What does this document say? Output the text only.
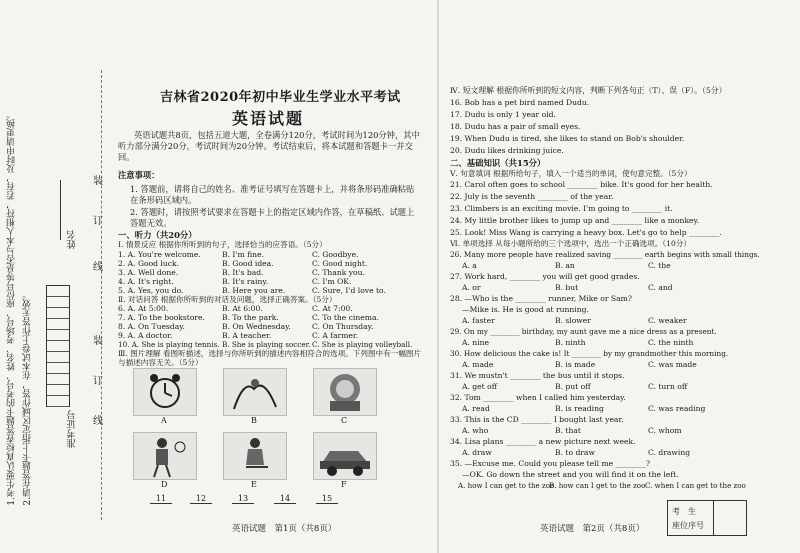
1.考生要认真检查答题卡的考号、姓名、考场号、座位号等是否与本人相符，若有，及时申请更换。 2.请在答题卡上指定区域作答，在本试卷上作答无效。	准考证号
姓名
装
订
线
装
订
线
吉林省2020年初中毕业生学业水平考试
英语试题
英语试题共8页，包括五道大题，全卷满分120分，考试时间为120分钟，其中听力部分满分20分，考试时间为20分钟。考试结束后，将本试题和答题卡一并交回。
注意事项：
1. 答题前，请将自己的姓名、准考证号填写在答题卡上，并将条形码准确粘贴在条形码区域内。
2. 答题时，请按照考试要求在答题卡上的指定区域内作答，在草稿纸、试题上答题无效。
一、听力（共20分）
Ⅰ. 情景反应 根据你所听到的句子，选择恰当的应答语。（5分）
1. A. You're welcome.	B. I'm fine.	C. Goodbye.
2. A. Good luck.	B. Good idea.	C. Good night.
3. A. Well done.	B. It's bad.	C. Thank you.
4. A. It's right.	B. It's rainy.	C. I'm OK.
5. A. Yes, you do.	B. Here you are.	C. Sure, I'd love to.
Ⅱ. 对话问答 根据你所听到的对话及问题，选择正确答案。（5分）
6. A. At 5:00.	B. At 6:00.	C. At 7:00.
7. A. To the bookstore. B. To the park.	C. To the cinema.
8. A. On Tuesday.	B. On Wednesday.	C. On Thursday.
9. A. A doctor.	B. A teacher.	C. A farmer.
10. A. She is playing tennis. B. She is playing soccer. C. She is playing volleyball.
Ⅲ. 图片理解 看图听描述，选择与你所听到的描述内容相符合的选项。下列图中有一幅图片与描述内容无关。（5分）
A	B	C
D	E	F
11	12	13	14	15
英语试题　第1页（共8页）
Ⅳ. 短文理解 根据你所听到的短文内容，判断下列各句正（T）、误（F）。（5分）
16. Bob has a pet bird named Dudu.
17. Dudu is only 1 year old.
18. Dudu has a pair of small eyes.
19. When Dudu is tired, she likes to stand on Bob's shoulder.
20. Dudu likes drinking juice.
二、基础知识（共15分）
Ⅴ. 句意填词 根据所给句子，填入一个适当的单词，使句意完整。（5分）
21. Carol often goes to school ________ bike. It's good for her health.
22. July is the seventh ________ of the year.
23. Climbers is an exciting movie. I'm going to ________ it.
24. My little brother likes to jump up and ________ like a monkey.
25. Look! Miss Wang is carrying a heavy box. Let's go to help ________.
Ⅵ. 单项选择 从每小题所给的三个选项中，选出一个正确选项。（10分）
26. Many more people have realized saving ________ earth begins with small things.
A. a	B. an	C. the
27. Work hard, ________ you will get good grades.
A. or	B. but	C. and
28. —Who is the ________ runner, Mike or Sam?
—Mike is. He is good at running.
A. faster	B. slower	C. weaker
29. On my ________ birthday, my aunt gave me a nice dress as a present.
A. nine	B. ninth	C. the ninth
30. How delicious the cake is! It ________ by my grandmother this morning.
A. made	B. is made	C. was made
31. We mustn't ________ the bus until it stops.
A. get off	B. put off	C. turn off
32. Tom ________ when I called him yesterday.
A. read	B. is reading	C. was reading
33. This is the CD ________ I bought last year.
A. who	B. that	C. whom
34. Lisa plans ________ a new picture next week.
A. draw	B. to draw	C. drawing
35. —Excuse me. Could you please tell me ________?
—OK. Go down the street and you will find it on the left.
A. how I can get to the zoo
B. how can I get to the zoo C. when I can get to the zoo
考　生
座位序号
英语试题　第2页（共8页）
